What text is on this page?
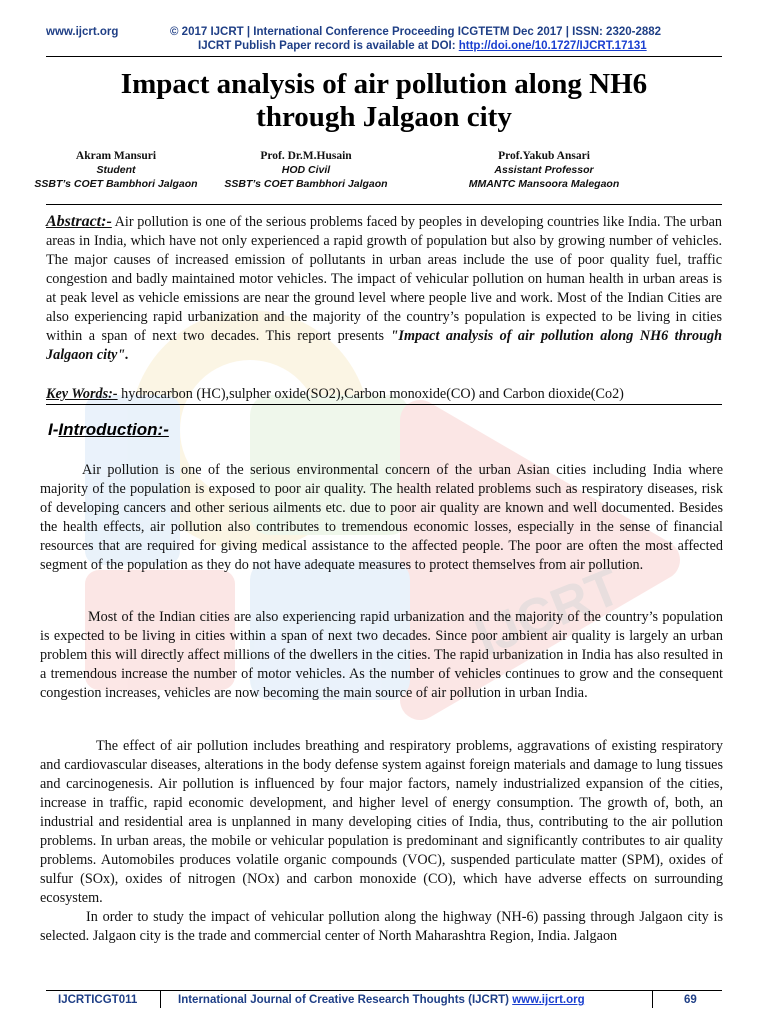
IJCRT
www.ijcrt.org	© 2017 IJCRT | International Conference Proceeding ICGTETM Dec 2017 | ISSN: 2320-2882
IJCRT Publish Paper record is available at DOI: http://doi.one/10.1727/IJCRT.17131
Impact analysis of air pollution along NH6
through Jalgaon city
Akram Mansuri
Student
SSBT’s COET Bambhori Jalgaon
Prof. Dr.M.Husain
HOD Civil
SSBT’s COET Bambhori Jalgaon
Prof.Yakub Ansari
Assistant Professor
MMANTC Mansoora Malegaon
Abstract:- Air pollution is one of the serious problems faced by peoples in developing countries like India. The urban areas in India, which have not only experienced a rapid growth of population but also by growing number of vehicles. The major causes of increased emission of pollutants in urban areas include the use of poor quality fuel, traffic congestion and badly maintained motor vehicles. The impact of vehicular pollution on human health in urban areas is at peak level as vehicle emissions are near the ground level where people live and work. Most of the Indian Cities are also experiencing rapid urbanization and the majority of the country’s population is expected to be living in cities within a span of next two decades. This report presents "Impact analysis of air pollution along NH6 through Jalgaon city".
Key Words:- hydrocarbon (HC),sulpher oxide(SO2),Carbon monoxide(CO) and Carbon dioxide(Co2)
I-Introduction:-
Air pollution is one of the serious environmental concern of the urban Asian cities including India where majority of the population is exposed to poor air quality. The health related problems such as respiratory diseases, risk of developing cancers and other serious ailments etc. due to poor air quality are known and well documented. Besides the health effects, air pollution also contributes to tremendous economic losses, especially in the sense of financial resources that are required for giving medical assistance to the affected people. The poor are often the most affected segment of the population as they do not have adequate measures to protect themselves from air pollution.
Most of the Indian cities are also experiencing rapid urbanization and the majority of the country’s population is expected to be living in cities within a span of next two decades. Since poor ambient air quality is largely an urban problem this will directly affect millions of the dwellers in the cities. The rapid urbanization in India has also resulted in a tremendous increase the number of motor vehicles. As the number of vehicles continues to grow and the consequent congestion increases, vehicles are now becoming the main source of air pollution in urban India.
The effect of air pollution includes breathing and respiratory problems, aggravations of existing respiratory and cardiovascular diseases, alterations in the body defense system against foreign materials and damage to lung tissues and carcinogenesis. Air pollution is influenced by four major factors, namely industrialized expansion of the cities, increase in traffic, rapid economic development, and higher level of energy consumption. The growth of, both, an industrial and residential area is unplanned in many developing cities of India, thus, contributing to the air pollution problems. In urban areas, the mobile or vehicular population is predominant and significantly contributes to air quality problems. Automobiles produces volatile organic compounds (VOC), suspended particulate matter (SPM), oxides of sulfur (SOx), oxides of nitrogen (NOx) and carbon monoxide (CO), which have adverse effects on surrounding ecosystem.
In order to study the impact of vehicular pollution along the highway (NH-6) passing through Jalgaon city is selected. Jalgaon city is the trade and commercial center of North Maharashtra Region, India. Jalgaon
IJCRTICGT011	International Journal of Creative Research Thoughts (IJCRT) www.ijcrt.org	69
